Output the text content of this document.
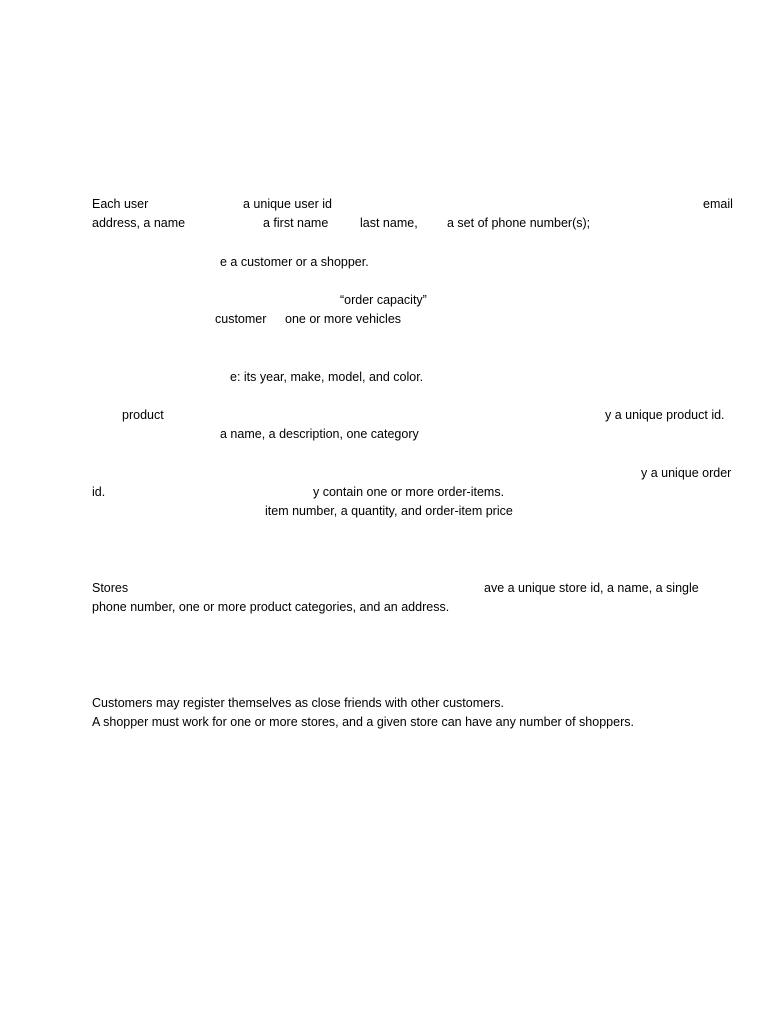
Each user	a unique user id	email
address, a name	a first name	last name, a set of phone number(s);
e a customer or a shopper.
“order capacity”
customer one or more vehicles
e: its year, make, model, and color.
product	y a unique product id.
a name, a description, one category
y a unique order
id.	y contain one or more order-items.
item number, a quantity, and order-item price
Stores	ave a unique store id, a name, a single
phone number, one or more product categories, and an address.
Customers may register themselves as close friends with other customers.
A shopper must work for one or more stores, and a given store can have any number of shoppers.
